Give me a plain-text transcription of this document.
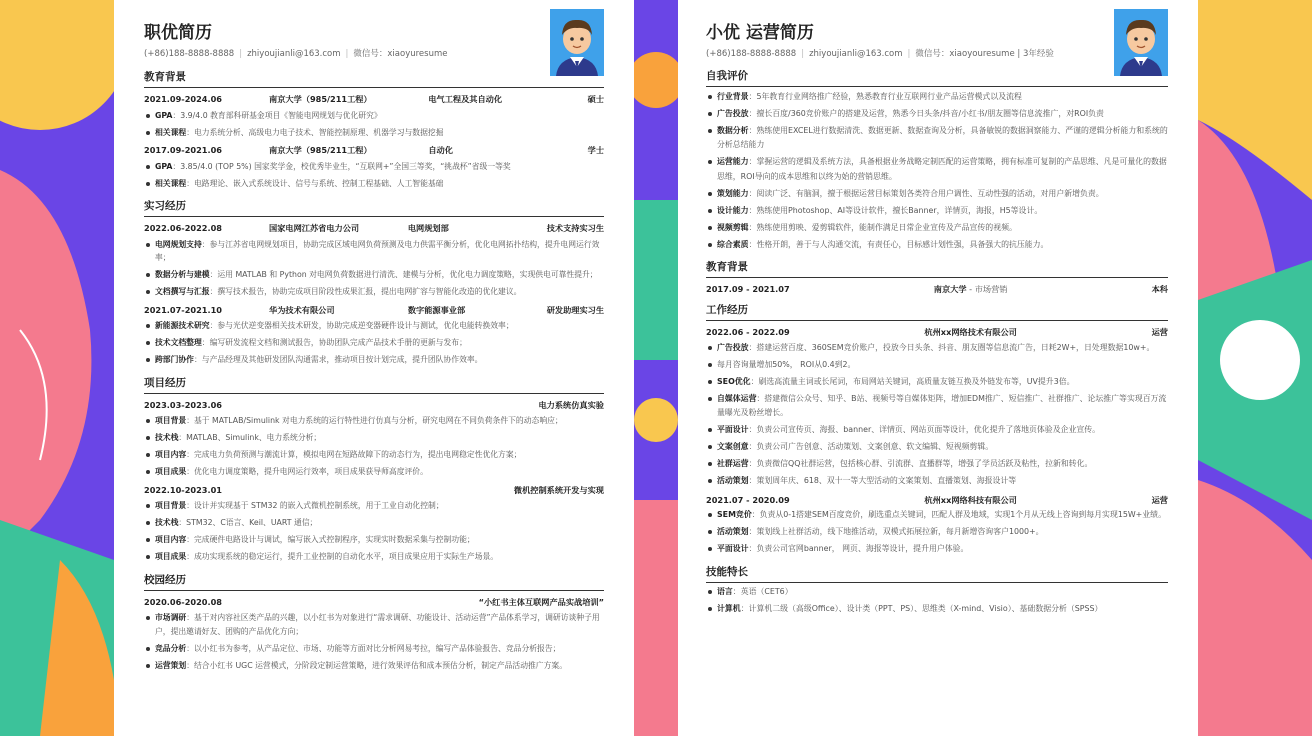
职优简历
(+86)188-8888-8888 | zhiyoujianli@163.com | 微信号：xiaoyuresume
教育背景
2021.09-2024.06	南京大学（985/211工程）	电气工程及其自动化	硕士
GPA：3.9/4.0 教育部科研基金项目《智能电网规划与优化研究》
相关课程：电力系统分析、高级电力电子技术、智能控制原理、机器学习与数据挖掘
2017.09-2021.06	南京大学（985/211工程）	自动化	学士
GPA：3.85/4.0 (TOP 5%) 国家奖学金，校优秀毕业生，“互联网+”全国三等奖，“挑战杯”省级一等奖
相关课程：电路理论、嵌入式系统设计、信号与系统、控制工程基础、人工智能基础
实习经历
2022.06-2022.08	国家电网江苏省电力公司	电网规划部	技术支持实习生
电网规划支持：参与江苏省电网规划项目，协助完成区域电网负荷预测及电力供需平衡分析，优化电网拓扑结构，提升电网运行效率；
数据分析与建模：运用 MATLAB 和 Python 对电网负荷数据进行清洗、建模与分析，优化电力调度策略，实现供电可靠性提升；
文档撰写与汇报：撰写技术报告，协助完成项目阶段性成果汇报，提出电网扩容与智能化改造的优化建议。
2021.07-2021.10	华为技术有限公司	数字能源事业部	研发助理实习生
新能源技术研究：参与光伏逆变器相关技术研发，协助完成逆变器硬件设计与测试，优化电能转换效率；
技术文档整理：编写研发流程文档和测试报告，协助团队完成产品技术手册的更新与发布；
跨部门协作：与产品经理及其他研发团队沟通需求，推动项目按计划完成，提升团队协作效率。
项目经历
2023.03-2023.06	电力系统仿真实验
项目背景：基于 MATLAB/Simulink 对电力系统的运行特性进行仿真与分析，研究电网在不同负荷条件下的动态响应；
技术栈：MATLAB、Simulink、电力系统分析；
项目内容：完成电力负荷预测与潮流计算，模拟电网在短路故障下的动态行为，提出电网稳定性优化方案；
项目成果：优化电力调度策略，提升电网运行效率，项目成果获导师高度评价。
2022.10-2023.01	微机控制系统开发与实现
项目背景：设计并实现基于 STM32 的嵌入式微机控制系统，用于工业自动化控制；
技术栈：STM32、C语言、Keil、UART 通信；
项目内容：完成硬件电路设计与调试，编写嵌入式控制程序，实现实时数据采集与控制功能；
项目成果：成功实现系统的稳定运行，提升工业控制的自动化水平，项目成果应用于实际生产场景。
校园经历
2020.06-2020.08	“小红书主体互联网产品实战培训”
市场调研：基于对内容社区类产品的兴趣，以小红书为对象进行“需求调研、功能设计、活动运营”产品体系学习，调研访谈种子用户，提出邀请好友、团购的产品优化方向；
竞品分析：以小红书为参考，从产品定位、市场、功能等方面对比分析网易考拉，编写产品体验报告、竞品分析报告；
运营策划：结合小红书 UGC 运营模式，分阶段定制运营策略，进行效果评估和成本预估分析，制定产品活动推广方案。
小优 运营简历
(+86)188-8888-8888 | zhiyoujianli@163.com | 微信号：xiaoyouresume | 3年经验
自我评价
行业背景：5年教育行业网络推广经验，熟悉教育行业互联网行业产品运营模式以及流程
广告投放：擅长百度/360竞价账户的搭建及运营，熟悉今日头条/抖音/小红书/朋友圈等信息流推广，对ROI负责
数据分析：熟练使用EXCEL进行数据清洗、数据更新、数据查询及分析，具备敏锐的数据洞察能力、严谨的逻辑分析能力和系统的分析总结能力
运营能力：掌握运营的逻辑及系统方法，具备根据业务战略定制匹配的运营策略，拥有标准可复制的产品思维、凡是可量化的数据思维，ROI导向的成本思维和以终为始的营销思维。
策划能力：阅读广泛、有脑洞，擅于根据运营目标策划各类符合用户调性、互动性强的活动，对用户新增负责。
设计能力：熟练使用Photoshop、AI等设计软件，擅长Banner，详情页，海报，H5等设计。
视频剪辑：熟练使用剪映、爱剪辑软件，能制作满足日常企业宣传及产品宣传的视频。
综合素质：性格开朗，善于与人沟通交流，有责任心，目标感计划性强，具备强大的抗压能力。
教育背景
2017.09 - 2021.07	南京大学 - 市场营销	本科
工作经历
2022.06 - 2022.09	杭州xx网络技术有限公司	运营
广告投放：搭建运营百度、360SEM竞价账户，投放今日头条、抖音、朋友圈等信息流广告，日耗2W+，日处理数据10w+。
每月咨询量增加50%， ROI从0.4到2。
SEO优化：刷选高流量主词或长尾词，布局网站关键词，高质量友链互换及外链发布等，UV提升3倍。
自媒体运营：搭建微信公众号、知乎、B站、视频号等自媒体矩阵，增加EDM推广、短信推广、社群推广、论坛推广等实现百万流量曝光及粉丝增长。
平面设计：负责公司宣传页、海报、banner、详情页、网站页面等设计，优化提升了落地页体验及企业宣传。
文案创意：负责公司广告创意、活动策划、文案创意、软文编辑、短视频剪辑。
社群运营：负责微信QQ社群运营，包括核心群、引流群、直播群等，增强了学员活跃及粘性，拉新和转化。
活动策划：策划周年庆、618、双十一等大型活动的文案策划、直播策划、海报设计等
2021.07 - 2020.09	杭州xx网络科技有限公司	运营
SEM竞价：负责从0-1搭建SEM百度竞价，刷选重点关键词，匹配人群及地域，实现1个月从无线上咨询到每月实现15W+业绩。
活动策划：策划线上社群活动，线下地推活动，双模式拓展拉新，每月新增咨询客户1000+。
平面设计：负责公司官网banner， 网页、海报等设计，提升用户体验。
技能特长
语言：英语（CET6）
计算机：计算机二级（高级Office）、设计类（PPT、PS）、思维类（X-mind、Visio）、基础数据分析（SPSS）
